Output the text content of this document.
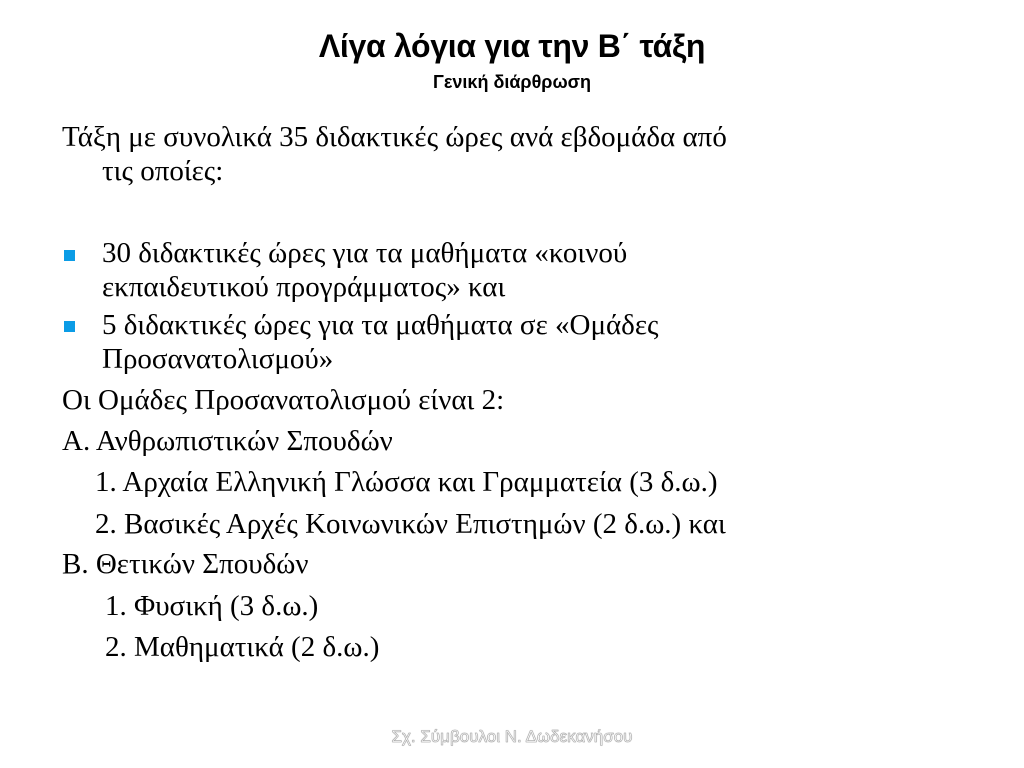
Λίγα λόγια για την Β΄ τάξη
Γενική διάρθρωση
Τάξη με συνολικά 35 διδακτικές ώρες ανά εβδομάδα από
τις οποίες:
30 διδακτικές ώρες για τα μαθήματα «κοινού
εκπαιδευτικού προγράμματος» και
5 διδακτικές ώρες για τα μαθήματα σε «Ομάδες
Προσανατολισμού»
Οι Ομάδες Προσανατολισμού είναι 2:
Α. Ανθρωπιστικών Σπουδών
1. Αρχαία Ελληνική Γλώσσα και Γραμματεία (3 δ.ω.)
2. Βασικές Αρχές Κοινωνικών Επιστημών (2 δ.ω.) και
Β. Θετικών Σπουδών
1. Φυσική (3 δ.ω.)
2. Μαθηματικά (2 δ.ω.)
Σχ. Σύμβουλοι Ν. Δωδεκανήσου
